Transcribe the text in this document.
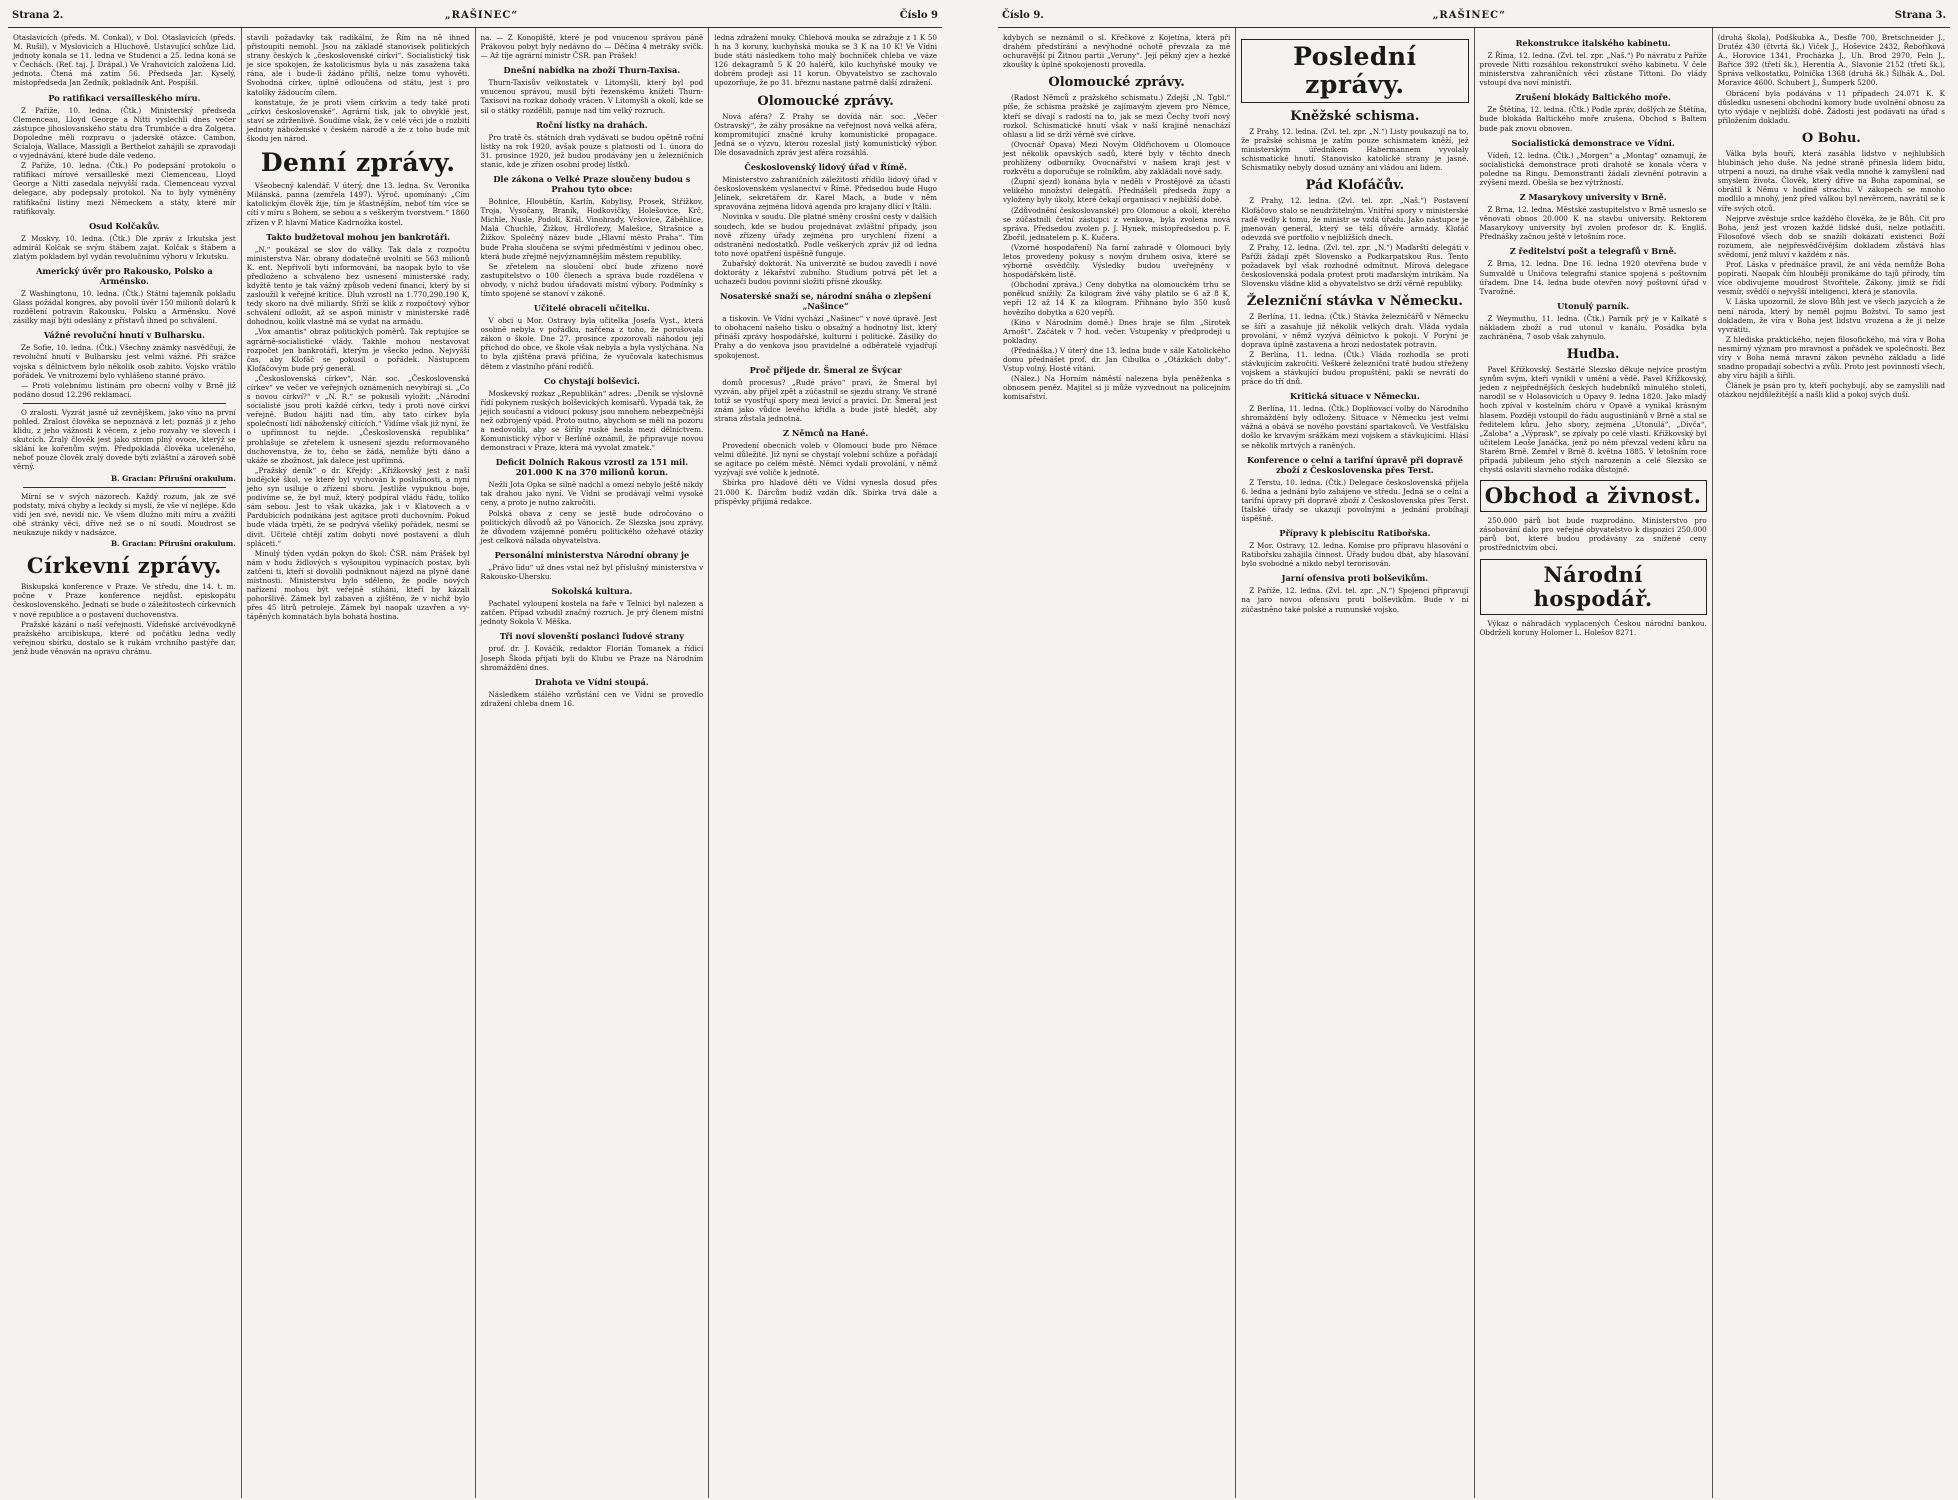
Strana 2.	„RAŠINEC“	Číslo 9

Otaslavicích (předs. M. Conkal), v Dol. Otaslavicích (předs. M. Rušil), v Myslovicích a Hluchově. Ustavující schůze Lid. jednoty konala se 11. ledna ve Studenci a 25. ledna koná se v Čechách. (Ref. taj. J. Drápal.) Ve Vrahovicích založena Lid. jednota. Čtená má zatím 56. Předseda Jar. Kyselý, místopředseda Jan Zedník, pokladník Ant. Pospíšil.

Po ratifikaci versailleského míru.

Z Paříže, 10. ledna. (Čtk.) Ministerský předseda Clemenceau, Lloyd George a Nitti vyslechli dnes večer zástupce jihoslovanského státu dra Trumbiće a dra Zolgera. Dopoledne měli rozpravu o jaderské otázce. Cambon, Scialoja, Wallace, Massigli a Berthelot zahájili se zpravodaji o vyjednávání, které bude dále vedeno.

Z Paříže, 10. ledna. (Čtk.) Po podepsání protokolu o ratifikaci mírové versailleské mezi Clemenceau, Lloyd George a Nitti zasedala nejvyšší rada. Clemenceau vyzval delegace, aby podepsaly protokol. Na to byly vyměněny ratifikační listiny mezi Německem a státy, které mír ratifikovaly.

Osud Kolčakův.

Z Moskvy, 10. ledna. (Čtk.) Dle zpráv z Irkutska jest admirál Kolčak se svým štábem zajat. Kolčak s štábem a zlatým pokladem byl vydán revolučnímu výboru v Irkutsku.

Americký úvěr pro Rakousko, Polsko a Arménsko.

Z Washingtonu, 10. ledna. (Čtk.) Státní tajemník pokladu Glass požádal kongres, aby povolil úvěr 150 milionů dolarů k rozdělení potravin Rakousku, Polsku a Arménsku. Nové zásilky mají býti odeslány z přístavů ihned po schválení.

Vážné revoluční hnutí v Bulharsku.

Ze Sofie, 10. ledna. (Čtk.) Všechny známky nasvědčují, že revoluční hnutí v Bulharsku jest velmi vážné. Při srážce vojska s dělnictvem bylo několik osob zabito. Vojsko vrátilo pořádek. Ve vnitrozemí bylo vyhlášeno stanné právo.

— Proti volebnímu listinám pro obecní volby v Brně již podáno dosud 12.296 reklamací.

O zralosti. Vyzrát jasně už zevnějškem, jako víno na první pohled. Zralost člověka se nepoznává z let; poznáš ji z jeho klidu, z jeho vážnosti k věcem, z jeho rozvahy ve slovech i skutcích. Zralý člověk jest jako strom plný ovoce, kterýž se sklání ke kořenům svým. Předpokladá člověka uceleného, neboť pouze člověk zralý dovede býti zvláštní a zároveň sobě věrný.

B. Gracian: Přirušní orakulum.

Mírní se v svých názorech. Každý rozum, jak ze své podstaty, mívá chyby a leckdy si myslí, že vše ví nejlépe. Kdo vidí jen své, nevidí nic. Ve všem dlužno míti míru a zvážiti obě stránky věci, dříve než se o ní soudí. Moudrost se neukazuje nikdy v nadsázce.

B. Gracian: Přirušní orakulum.

Církevní zprávy.

Biskupská konference v Praze. Ve středu, dne 14. t. m. počne v Praze konference nejdůst. episkopátu československého. Jednati se bude o záležitostech církevních v nové republice a o postavení duchovenstva.

Pražské kázání o naší veřejnosti. Vídeňské arcivévodkyně pražského arcibiskupa, které od počátku ledna vedly veřejnou sbírku, dostalo se k rukám vrchního pastýře dar, jenž bude věnován na opravu chrámu.

stavili požadavky tak radikální, že Řím na ně ihned přistoupiti nemohl. Jsou na základě stanovisek politických strany českých k „československé církvi“. Socialistický tisk je sice spokojen, že katolicismus byla u nás zasažena taká rána, ale i bude-li žádáno příliš, nelze tomu vyhověti. Svobodná církev, úplně odloučena od státu, jest i pro katolíky žádoucím cílem.

konstatuje, že je proti všem církvím a tedy také proti „církvi československé“. Agrární tisk, jak to obvyklé jest, staví se zdrženlivě. Soudíme však, že v celé věci jde o rozbití jednoty náboženské v českém národě a že z toho bude mít škodu jen národ.

Denní zprávy.

Všeobecný kalendář. V úterý, dne 13. ledna. Sv. Veronika Milánská, panna (zemřela 1497). Výroč. upomínaný: „Cím katolickým člověk žije, tím je šťastnějším, neboť tím více se cítí v míru s Bohem, se sebou a s veškerým tvorstvem.“ 1860 zřízen v P. hlavní Matice Kadrnožka kostel.

Takto budžetoval mohou jen bankrotáři.

„N.“ poukázal se slov do války. Tak dala z rozpočtu ministerstva Nár. obrany dodatečně uvolniti se 563 milionů K. ent. Nepřivolí byti informování, ba naopak bylo to vše předloženo a schváleno bez usnesení ministerské rady, kdyžtě tento je tak vážný způsob vedení financí, který by si zasloužil k veřejné kritice. Dluh vzrostl na 1.770,290.190 K, tedy skoro na dvě miliardy. Sfrží se klik z rozpočtový výbor schválení odložit, až se aspoň ministr v ministerské radě dohodnou, kolik vlastně má se vydat na armádu.

„Vox amantis“ obraz politických poměrů. Tak reptujíce se agrárně-socialistické vlády. Takhle mohou nestavovat rozpočet jen bankrotáři, kterým je všecko jedno. Nejvyšší čas, aby Klofáč se pokusil o pořádek. Nástupcem Klofáčovým bude prý generál.

„Československá církev“, Nár. soc. „Československá církev“ ve večer ve veřejných oznámeních nevybírají si. „Co s novou církví?“ v „N. R.“ se pokusili vyložit: „Národní socialisté jsou proti každé církvi, tedy i proti nové církvi veřejně. Budou hájiti nad tím, aby tato církev byla společností lidí náboženský cítících.“ Vidíme však již nyní, že o upřímnost tu nejde. „Československá republika“ prohlašuje se zřetelem k usnesení sjezdu reformovaného duchovenstva, že to, čeho se žádá, nemůže býti dáno a ukáže se zbožnost, jak dalece jest upřímná.

„Pražský deník“ o dr. Křejdy: „Křižkovský jest z naší budějcké škol, ve které byl vychován k poslušnosti, a nyní jeho syn usiluje o zřízení sboru. Jestliže vypuknou boje, podivíme se, že byl muž, který podpíral vládu řádu, toliko sám sebou. Jest to však ukázka, jak i v Klatovech a v Pardubicích podnikána jest agitace proti duchovním. Pokud bude vláda trpěti, že se podrývá všeliký pořádek, nesmí se divit. Učitelé chtějí zatím dobyti nové postavení a dluh spláceti.“

Minulý týden vydán pokyn do škol: ČSR. nám Prášek byl nám v hodu židlových s vyšoupitou vypínacích postav, byli zatčeni ti, kteří si dovolili podniknout nájezd na plyné dané místnosti. Ministerstvu bylo sděleno, že podle nových nařízení mohou být veřejně stíháni, kteří by kázali pohoršlivě. Zámek byl zabaven a zjištěno, že v nichž bylo přes 45 litrů petroleje. Zámek byl naopak uzavřen a vytápěných komnatách byla bohatá hostina.

na. — Z Konopiště, které je pod vnucenou správou páně Prákovou pobyt byly nedávno do — Děčína 4 metráky svíčk. — Až tíje agrární ministr ČSR. pan Prášek!

Dnešní nabídka na zboží Thurn-Taxisa.

Thurn-Taxisův velkostatek v Litomyšli, který byl pod vnucenou správou, musil býti řezenskému knížeti Thurn-Taxisovi na rozkaz dohody vrácen. V Litomyšli a okolí, kde se sil o státky rozdělili, panuje nad tím velký rozruch.

Roční lístky na drahách.

Pro tratě čs. státních drah vydávati se budou opětně roční lístky na rok 1920, avšak pouze s platností od 1. února do 31. prosince 1920, jež budou prodávány jen u železničních stanic, kde je zřízen osobní prodej lístků.

Dle zákona o Velké Praze sloučeny budou s Prahou tyto obce:

Bohnice, Hloubětín, Karlín, Kobylisy, Prosek, Střížkov, Troja, Vysočany, Braník, Hodkovičky, Holešovice, Krč, Michle, Nusle, Podolí, Král. Vinohrady, Vršovice, Záběhlice, Malá Chuchle, Žižkov, Hrdlořezy, Malešice, Strašnice a Žižkov. Společný název bude „Hlavní město Praha“. Tím bude Praha sloučena se svými předměstími v jedinou obec, která bude zřejmě nejvýznamnějším městem republiky.

Se zřetelem na sloučení obcí bude zřízeno nové zastupitelstvo o 100 členech a správa bude rozdělena v obvody, v nichž budou úřadovati místní výbory. Podmínky s tímto spojené se stanoví v zákoně.

Učitelé obraceli učitelku.

V obci u Mor. Ostravy byla učitelka Josefa Vyst., která osobně nebyla v pořádku, nařčena z toho, že porušovala zákon o škole. Dne 27. prosince zpozorovali náhodou její příchod do obce, ve škole však nebyla a byla vyslýchána. Na to byla zjištěna pravá příčina, že vyučovala katechismus dětem z vlastního přání rodičů.

Co chystají bolševici.

Moskevský rozkaz „Republikán“ adres: „Deník se výslovně řídí pokynem ruských bolševických komisařů. Vypadá tak, že jejich současní a vidoucí pokusy jsou mnohem nebezpečnější než ozbrojený vpád. Proto nutno, abychom se měli na pozoru a nedovolili, aby se šířily ruské hesla mezi dělnictvem. Komunistický výbor v Berlíně oznámil, že připravuje novou demonstraci v Praze, která má vyvolat zmatek.“

Deficit Dolních Rakous vzrostl za 151 mil. 201.000 K na 370 milionů korun.

Nežli Jota Opka se silně nadchl a omezí nebylo ještě nikdy tak drahou jako nyní. Ve Vídni se prodávají velmi vysoké ceny, a proto je nutno zakročiti.

Polská obava z ceny se jestě bude odročováno o politických důvodů až po Vánocích. Ze Slezska jsou zprávy, že důvodem vzájemné poměru politického ožehavé otázky jest celková nálada obyvatelstva.

Personální ministerstva Národní obrany je

„Právo lidu“ už dnes vstal než byl příslušný ministerstva v Rakousko-Uhersku.

Sokolská kultura.

Pachatel vyloupení kostela na faře v Telnici byl nalezen a zatčen. Případ vzbudil značný rozruch. Je prý členem místní jednoty Sokola V. Měška.

Tři noví slovenští poslanci ľudové strany

prof. dr. J. Kováčik, redaktor Florián Tomanek a řídicí Joseph Škoda přijati byli do Klubu ve Praze na Národním shromáždění dnes.

Drahota ve Vídni stoupá.

Následkem stálého vzrůstání cen ve Vídni se provedlo zdražení chleba dnem 16.

ledna zdražení mouky. Chlebová mouka se zdražuje z 1 K 50 h na 3 koruny, kuchyňská mouka se 3 K na 10 K! Ve Vídni bude státi následkem toho malý bochníček chleba ve váze 126 dekagramů 5 K 20 haléřů, kilo kuchyňské mouky ve dobrém prodeji asi 11 korun. Obyvatelstvo se zachovalo upozorňuje, že po 31. březnu nastane patrně další zdražení.

Olomoucké zprávy.

Nová aféra? Z Prahy se dovídá nár. soc. „Večer Ostravský“, že záhy prosákne na veřejnost nová velká aféra, kompromitující značné kruhy komunistické propagace. Jedná se o výzvu, kterou rozeslal jistý komunistický výbor. Dle dosavadních zpráv jest aféra rozsáhlá.

Československý lidový úřad v Římě.

Ministerstvo zahraničních záležitostí zřídilo lidový úřad v československém vyslanectví v Římě. Předsedou bude Hugo Jelínek, sekretářem dr. Karel Mach, a bude v něm spravována zejména lidová agenda pro krajany dlící v Itálii.

Novinka v soudu. Dle platné směny crosšní cesty v dalších soudech, kde se budou projednávat zvláštní případy, jsou nově zřízeny úřady zejména pro urychlení řízení a odstranění nedostatků. Podle veškerých zpráv již od ledna toto nové opatření úspěšně funguje.

Zubařský doktorát. Na univerzitě se budou zavedli i nové doktoráty z lékařství zubního. Studium potrvá pět let a uchazeči budou povinni složiti přísné zkoušky.

Nosaterské snaží se, národní snáha o zlepšení „Našince“

a tiskovin. Ve Vídni vychází „Našinec“ v nové úpravě. Jest to obohacení našeho tisku o obsažný a hodnotný list, který přináší zprávy hospodářské, kulturní i politické. Zásilky do Prahy a do venkova jsou pravidelné a odběratelé vyjadřují spokojenost.

Proč přijede dr. Šmeral ze Švýcar

domů procesus? „Rudé právo“ praví, že Šmeral byl vyzván, aby přijel zpět a zúčastnil se sjezdu strany. Ve straně totiž se vyostřují spory mezi levicí a pravicí. Dr. Šmeral jest znám jako vůdce levého křídla a bude jistě hledět, aby strana zůstala jednotná.

Z Němců na Hané.

Provedení obecních voleb v Olomouci bude pro Němce velmi důležité. Již nyní se chystají volební schůze a pořádají se agitace po celém městě. Němci vydali provolání, v němž vyzývají své voliče k jednotě.

Sbírka pro hladové děti ve Vídni vynesla dosud přes 21.000 K. Dárcům budiž vzdán dík. Sbírka trvá dále a příspěvky přijímá redakce.

Číslo 9.	„RAŠINEC“	Strana 3.

kdybych se neznámil o sl. Křečkové z Kojetína, která při drahém předstírání a nevýhodné ochotě převzala za mě ochuravější pí Žitnou partii „Veruny“. Její pěkný zjev a hezké zkoušky k úplné spokojenosti provedla.

Olomoucké zprávy.

(Radost Němců z pražského schismatu.) Zdejší „N. Tgbl.“ píše, že schisma pražské je zajímavým zjevem pro Němce, kteří se dívají s radostí na to, jak se mezi Čechy tvoří nový rozkol. Schismatické hnutí však v naší krajině nenachází ohlasu a lid se drží věrně své církve.

(Ovocnář Opava) Mezi Novým Oldřichovem u Olomouce jest několik opavských sadů, které byly v těchto dnech prohlíženy odborníky. Ovocnářství v našem kraji jest v rozkvětu a doporučuje se rolníkům, aby zakládali nové sady.

(Župní sjezd) konána byla v neděli v Prostějově za účasti velikého množství delegátů. Přednášeli předseda župy a vyloženy byly úkoly, které čekají organisaci v nejbližší době.

(Zdůvodnění českoslovanské) pro Olomouc a okolí, kterého se zúčastnili četní zástupci z venkova, byla zvolena nová správa. Předsedou zvolen p. J. Hynek, místopředsedou p. F. Zbořil, jednatelem p. K. Kučera.

(Vzorné hospodaření) Na farní zahradě v Olomouci byly letos provedeny pokusy s novým druhem osiva, které se výborně osvědčily. Výsledky budou uveřejněny v hospodářském listě.

(Obchodní zpráva.) Ceny dobytka na olomouckém trhu se poněkud snížily. Za kilogram živé váhy platilo se 6 až 8 K, vepři 12 až 14 K za kilogram. Přihnáno bylo 350 kusů hovězího dobytka a 620 vepřů.

(Kino v Národním domě.) Dnes hraje se film „Sirotek Arnošt“. Začátek v 7 hod. večer. Vstupenky v předprodeji u pokladny.

(Přednáška.) V úterý dne 13. ledna bude v sále Katolického domu přednášet prof. dr. Jan Cibulka o „Otázkách doby“. Vstup volný. Hosté vítáni.

(Nález.) Na Horním náměstí nalezena byla peněženka s obnosem peněz. Majitel si ji může vyzvednout na policejním komisařství.

Poslední zprávy.
Kněžské schisma.

Z Prahy, 12. ledna. (Zvl. tel. zpr. „N.“) Listy poukazují na to, že pražské schisma je zatím pouze schismatem kněží, jež ministerským úředníkem Habermannem vyvolaly schismatické hnutí. Stanovisko katolické strany je jasné. Schismatiky nebyly dosud uznány ani vládou ani lidem.

Pád Klofáčův.

Z Prahy, 12. ledna. (Zvl. tel. zpr. „Naš.“) Postavení Klofáčovo stalo se neudržitelným. Vnitřní spory v ministerské radě vedly k tomu, že ministr se vzdá úřadu. Jako nástupce je jmenován generál, který se těší důvěře armády. Klofáč odevzdá své portfolio v nejbližších dnech.

Z Prahy, 12. ledna. (Zvl. tel. zpr. „N.“) Maďarští delegáti v Paříži žádají zpět Slovensko a Podkarpatskou Rus. Tento požadavek byl však rozhodně odmítnut. Mírová delegace československá podala protest proti maďarským intrikám. Na Slovensku vládne klid a obyvatelstvo se drží věrně republiky.

Železniční stávka v Německu.

Z Berlína, 11. ledna. (Čtk.) Stávka železničářů v Německu se šíří a zasahuje již několik velkých drah. Vláda vydala provolání, v němž vyzývá dělnictvo k pokoji. V Porýní je doprava úplně zastavena a hrozí nedostatek potravin.

Z Berlína, 11. ledna. (Čtk.) Vláda rozhodla se proti stávkujícím zakročiti. Veškeré železniční tratě budou střeženy vojskem a stávkující budou propuštěni, pakli se nevrátí do práce do tří dnů.

Kritická situace v Německu.

Z Berlína, 11. ledna. (Čtk.) Doplňovací volby do Národního shromáždění byly odloženy. Situace v Německu jest velmi vážná a obává se nového povstání spartakovců. Ve Vestfálsku došlo ke krvavým srážkám mezi vojskem a stávkujícími. Hlásí se několik mrtvých a raněných.

Konference o celní a tarifní úpravě při dopravě zboží z Československa přes Terst.

Z Terstu, 10. ledna. (Čtk.) Delegace československá přijela 6. ledna a jednání bylo zahájeno ve středu. Jedná se o celní a tarifní úpravy při dopravě zboží z Československa přes Terst. Italské úřady se ukazují povolnými a jednání probíhají úspěšně.

Přípravy k plebiscitu Ratibořska.

Z Mor. Ostravy, 12. ledna. Komise pro přípravu hlasování o Ratibořsku zahájila činnost. Úřady budou dbát, aby hlasování bylo svobodné a nikdo nebyl terorisován.

Jarní ofensiva proti bolševikům.

Z Paříže, 12. ledna. (Zvl. tel. zpr. „N.“) Spojenci připravují na jaro novou ofensivu proti bolševikům. Bude v ní zúčastněno také polské a rumunské vojsko.

Rekonstrukce italského kabinetu.

Z Říma, 12. ledna. (Zvl. tel. zpr. „Naš.“) Po návratu z Paříže provede Nitti rozsáhlou rekonstrukci svého kabinetu. V čele ministerstva zahraničních věcí zůstane Tittoni. Do vlády vstoupí dva noví ministři.

Zrušení blokády Baltického moře.

Ze Štětína, 12. ledna. (Čtk.) Podle zpráv, došlých ze Štětína, bude blokáda Baltického moře zrušena. Obchod s Baltem bude pak znovu obnoven.

Socialistická demonstrace ve Vídni.

Vídeň, 12. ledna. (Čtk.) „Morgen“ a „Montag“ oznamují, že socialistická demonstrace proti drahotě se konala včera v poledne na Ringu. Demonstranti žádali zlevnění potravin a zvýšení mezd. Obešla se bez výtržností.

Z Masarykovy university v Brně.

Z Brna, 12. ledna. Městské zastupitelstvo v Brně usneslo se věnovati obnos 20.000 K na stavbu university. Rektorem Masarykovy university byl zvolen profesor dr. K. Engliš. Přednášky začnou ještě v letošním roce.

Z ředitelství pošt a telegrafů v Brně.

Z Brna, 12. ledna. Dne 16. ledna 1920 otevřena bude v Sumvaldě u Uničova telegrafní stanice spojená s poštovním úřadem. Dne 14. ledna bude otevřen nový poštovní úřad v Tvarožné.

Utonulý parník.

Z Weymuthu, 11. ledna. (Čtk.) Parník prý je v Kalkatě s nákladem zboží a rud utonul v kanálu. Posádka byla zachráněna, 7 osob však zahynulo.

Hudba.

Pavel Křížkovský. Sestárlé Slezsko děkuje nejvíce prostým synům svým, kteří vynikli v umění a vědě. Pavel Křížkovský, jeden z nejpřednějších českých hudebníků minulého století, narodil se v Holasovicích u Opavy 9. ledna 1820. Jako mladý hoch zpíval v kostelním chóru v Opavě a vynikal krásným hlasem. Později vstoupil do řádu augustiniánů v Brně a stal se ředitelem kůru. Jeho sbory, zejména „Utonulá“, „Dívča“, „Zaloba“ a „Výprask“, se zpívaly po celé vlasti. Křížkovský byl učitelem Leoše Janáčka, jenž po něm převzal vedení kůru na Starém Brně. Zemřel v Brně 8. května 1885. V letošním roce připadá jubileum jeho stých narozenin a celé Slezsko se chystá oslaviti slavného rodáka důstojně.

Obchod a živnost.

250.000 párů bot bude rozprodáno. Ministerstvo pro zásobování dalo pro veřejné obyvatelstvo k dispozici 250.000 párů bot, které budou prodávány za snížené ceny prostřednictvím obcí.

Národní hospodář.

Výkaz o náhradách vyplacených Českou národní bankou. Obdrželi koruny Holomer L. Holešov 8271.

(druhá škola), Podškubka A., Desfle 700, Bretschneider J., Drutěz 430 (čtvrtá šk.) Viček J., Hoševice 2432, Řeboříková A., Horovice 1341, Procházka J., Uh. Brod 2970, Feln J., Bařice 392 (třetí šk.), Herentia A., Slavonie 2152 (třetí šk.), Správa velkostatku, Polnička 1368 (druhá šk.) Šilhák A., Dol. Moravice 4600. Schubert J., Šumperk 5200.

Obrácení byla podávána v 11 případech 24.071 K. K důsledku usnesení obchodní komory bude uvolnění obnosu za tyto výdaje v nejbližší době. Žádosti jest podávati na úřad s přiložením dokladu.

O Bohu.

Válka byla bouří, která zasáhla lidstvo v nejhlubších hlubinách jeho duše. Na jedné straně přinesla lidem bídu, utrpení a nouzi, na druhé však vedla mnohé k zamyšlení nad smyslem života. Člověk, který dříve na Boha zapomínal, se obrátil k Němu v hodině strachu. V zákopech se mnoho modlilo a mnohý, jenž před válkou byl nevěrcem, navrátil se k víře svých otců.

Nejprve zvěstuje srdce každého člověka, že je Bůh. Cit pro Boha, jenž jest vrozen každé lidské duši, nelze potlačiti. Filosofové všech dob se snažili dokázati existenci Boží rozumem, ale nejpřesvědčivějším dokladem zůstává hlas svědomí, jenž mluví v každém z nás.

Prof. Láska v přednášce pravil, že ani věda nemůže Boha popírati. Naopak čím hlouběji pronikáme do tajů přírody, tím více obdivujeme moudrost Stvořitele. Zákony, jimiž se řídí vesmír, svědčí o nejvyšší inteligenci, která je stanovila.

V. Láska upozornil, že slovo Bůh jest ve všech jazycích a že není národa, který by neměl pojmu Božství. To samo jest dokladem, že víra v Boha jest lidstvu vrozena a že ji nelze vyvrátiti.

Z hlediska praktického, nejen filosofického, má víra v Boha nesmírný význam pro mravnost a pořádek ve společnosti. Bez víry v Boha nemá mravní zákon pevného základu a lidé snadno propadají sobectví a zvůli. Proto jest povinností všech, aby víru hájili a šířili.

Článek je psán pro ty, kteří pochybují, aby se zamyslili nad otázkou nejdůležitější a našli klid a pokoj svých duší.
